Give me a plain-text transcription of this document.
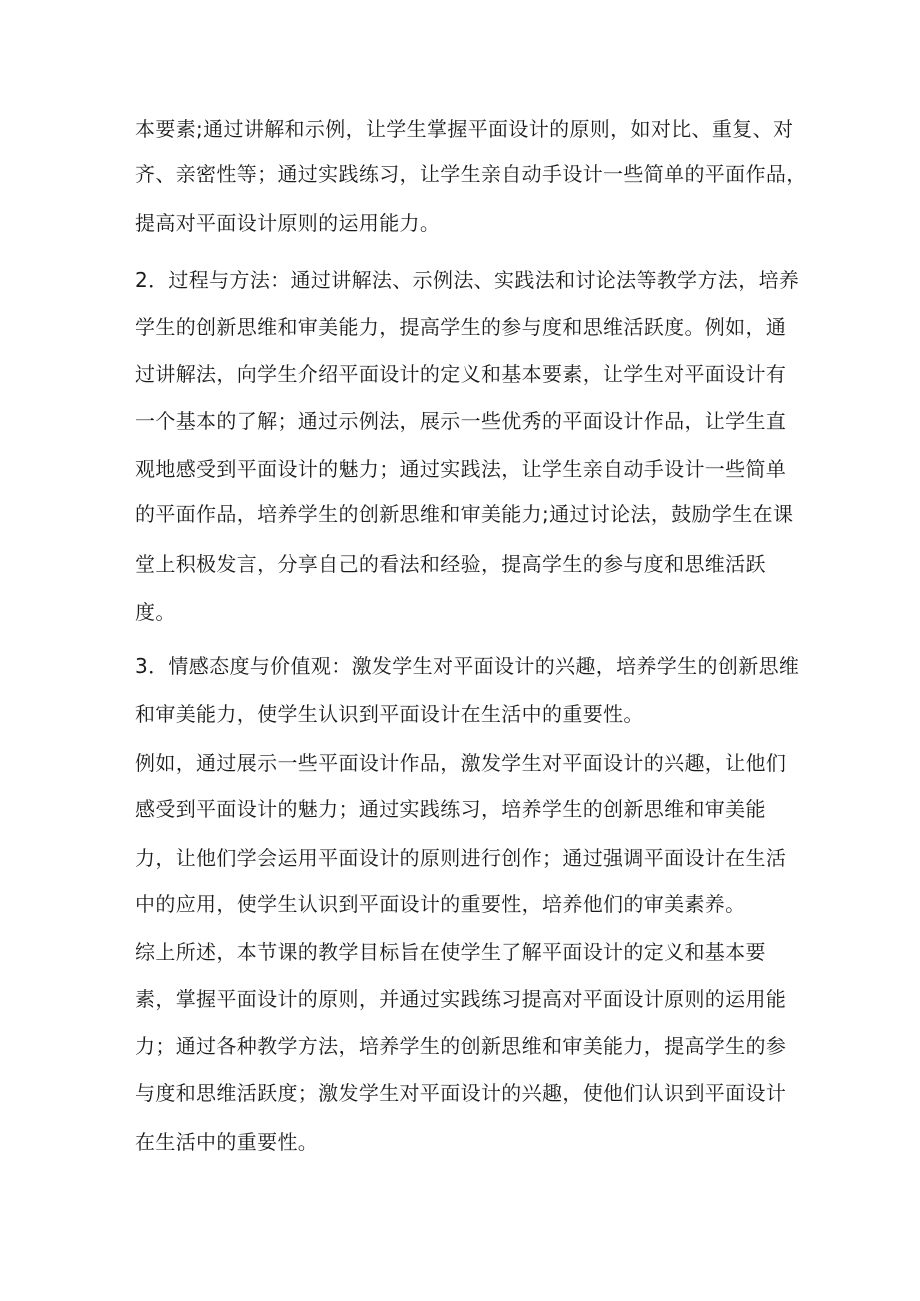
本要素;通过讲解和示例，让学生掌握平面设计的原则，如对比、重复、对
齐、亲密性等；通过实践练习，让学生亲自动手设计一些简单的平面作品，
提高对平面设计原则的运用能力。
2．过程与方法：通过讲解法、示例法、实践法和讨论法等教学方法，培养
学生的创新思维和审美能力，提高学生的参与度和思维活跃度。例如，通
过讲解法，向学生介绍平面设计的定义和基本要素，让学生对平面设计有
一个基本的了解；通过示例法，展示一些优秀的平面设计作品，让学生直
观地感受到平面设计的魅力；通过实践法，让学生亲自动手设计一些简单
的平面作品，培养学生的创新思维和审美能力;通过讨论法，鼓励学生在课
堂上积极发言，分享自己的看法和经验，提高学生的参与度和思维活跃
度。
3．情感态度与价值观：激发学生对平面设计的兴趣，培养学生的创新思维
和审美能力，使学生认识到平面设计在生活中的重要性。
例如，通过展示一些平面设计作品，激发学生对平面设计的兴趣，让他们
感受到平面设计的魅力；通过实践练习，培养学生的创新思维和审美能
力，让他们学会运用平面设计的原则进行创作；通过强调平面设计在生活
中的应用，使学生认识到平面设计的重要性，培养他们的审美素养。
综上所述，本节课的教学目标旨在使学生了解平面设计的定义和基本要
素，掌握平面设计的原则，并通过实践练习提高对平面设计原则的运用能
力；通过各种教学方法，培养学生的创新思维和审美能力，提高学生的参
与度和思维活跃度；激发学生对平面设计的兴趣，使他们认识到平面设计
在生活中的重要性。
